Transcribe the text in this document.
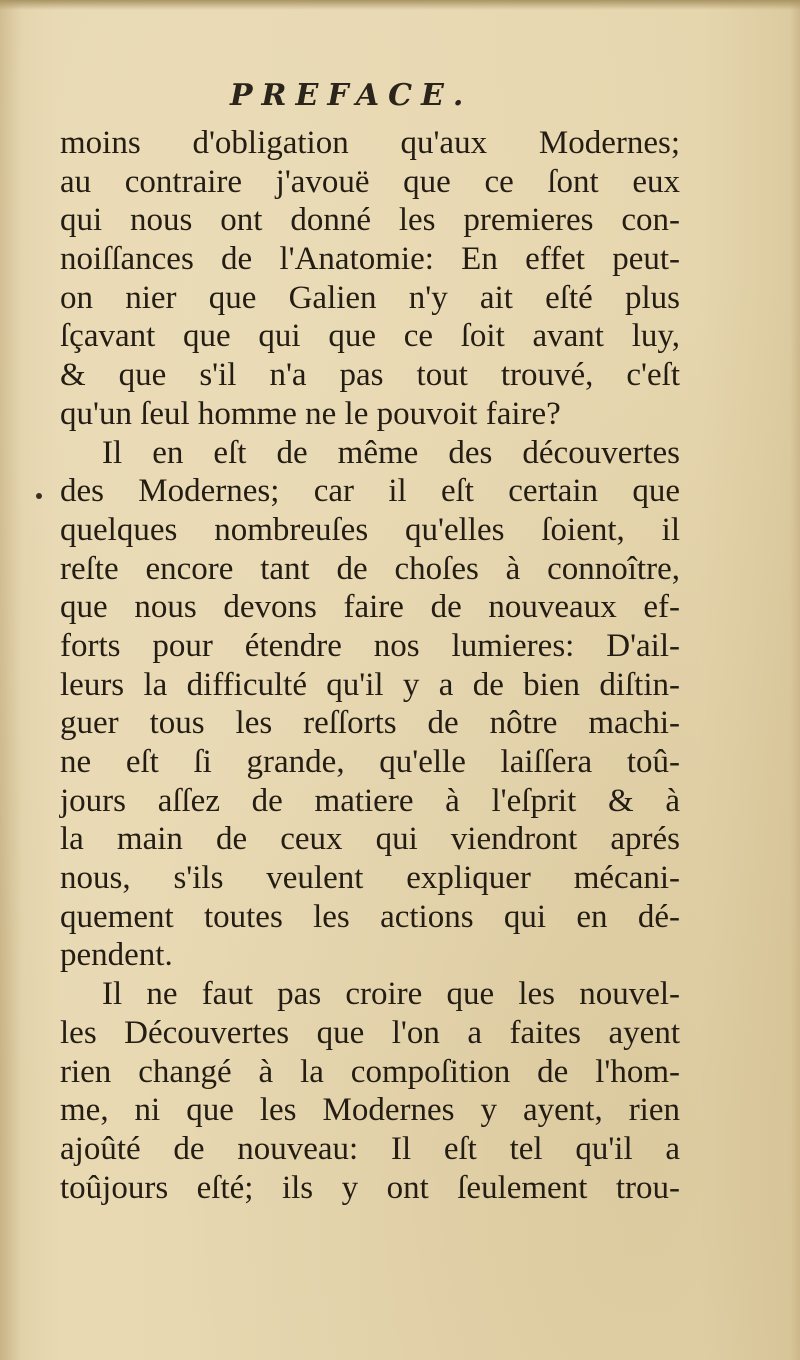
PREFACE.
moins d'obligation qu'aux Modernes;
au contraire j'avouë que ce ſont eux
qui nous ont donné les premieres con-
noiſſances de l'Anatomie: En effet peut-
on nier que Galien n'y ait eſté plus
ſçavant que qui que ce ſoit avant luy,
& que s'il n'a pas tout trouvé, c'eſt
qu'un ſeul homme ne le pouvoit faire?
Il en eſt de même des découvertes
des Modernes; car il eſt certain que
quelques nombreuſes qu'elles ſoient, il
reſte encore tant de choſes à connoître,
que nous devons faire de nouveaux ef-
forts pour étendre nos lumieres: D'ail-
leurs la difficulté qu'il y a de bien diſtin-
guer tous les reſſorts de nôtre machi-
ne eſt ſi grande, qu'elle laiſſera toû-
jours aſſez de matiere à l'eſprit & à
la main de ceux qui viendront aprés
nous, s'ils veulent expliquer mécani-
quement toutes les actions qui en dé-
pendent.
Il ne faut pas croire que les nouvel-
les Découvertes que l'on a faites ayent
rien changé à la compoſition de l'hom-
me, ni que les Modernes y ayent, rien
ajoûté de nouveau: Il eſt tel qu'il a
toûjours eſté; ils y ont ſeulement trou-
